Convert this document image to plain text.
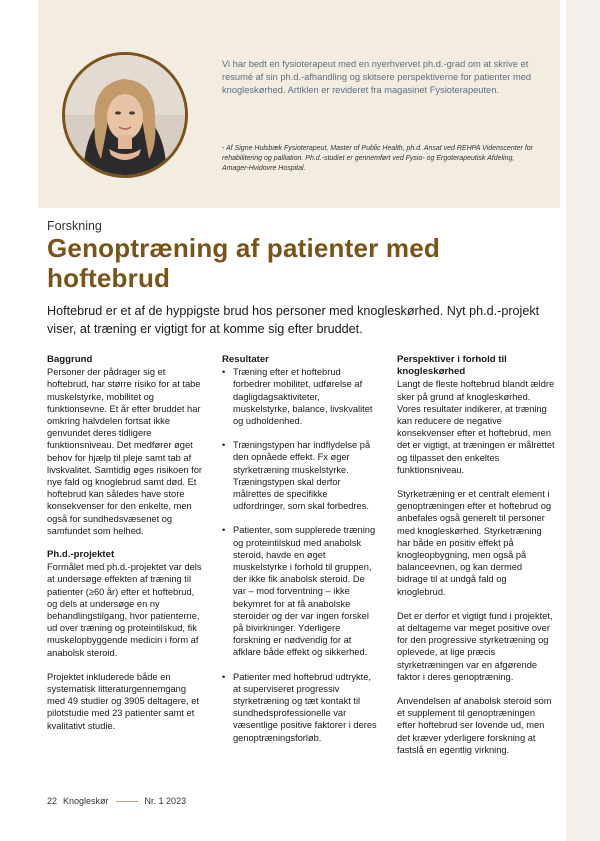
Vi har bedt en fysioterapeut med en nyerhvervet ph.d.-grad om at skrive et resumé af sin ph.d.-afhandling og skitsere perspektiverne for patienter med knogleskørhed. Artiklen er revideret fra magasinet Fysioterapeuten.
- Af Signe Hulsbæk Fysioterapeut, Master of Public Health, ph.d. Ansat ved REHPA Videnscenter for rehabilitering og palliation. Ph.d.-studiet er gennemført ved Fysio- og Ergoterapeutisk Afdeling, Amager-Hvidovre Hospital.
Forskning
Genoptræning af patienter med hoftebrud

Hoftebrud er et af de hyppigste brud hos personer med knogleskørhed. Nyt ph.d.-projekt viser, at træning er vigtigt for at komme sig efter bruddet.

Baggrund

Personer der pådrager sig et hoftebrud, har større risiko for at tabe muskelstyrke, mobilitet og funktionsevne. Et år efter bruddet har omkring halvdelen fortsat ikke genvundet deres tidligere funktionsniveau. Det medfører øget behov for hjælp til pleje samt tab af livskvalitet. Samtidig øges risikoen for nye fald og knoglebrud samt død. Et hoftebrud kan således have store konsekvenser for den enkelte, men også for sundhedsvæsenet og samfundet som helhed.

Ph.d.-projektet

Formålet med ph.d.-projektet var dels at undersøge effekten af træning til patienter (≥60 år) efter et hoftebrud, og dels at undersøge en ny behandlingstilgang, hvor patienterne, ud over træning og proteintilskud, fik muskelopbyggende medicin i form af anabolsk steroid.

Projektet inkluderede både en systematisk litteraturgennemgang med 49 studier og 3905 deltagere, et pilotstudie med 23 patienter samt et kvalitativt studie.

Resultater
• Træning efter et hoftebrud forbedrer mobilitet, udførelse af dagligdagsaktiviteter, muskelstyrke, balance, livskvalitet og udholdenhed.
• Træningstypen har indflydelse på den opnåede effekt. Fx øger styrketræning muskelstyrke. Træningstypen skal derfor målrettes de specifikke udfordringer, som skal forbedres.
• Patienter, som supplerede træning og proteintilskud med anabolsk steroid, havde en øget muskelstyrke i forhold til gruppen, der ikke fik anabolsk steroid. De var – mod forventning – ikke bekymret for at få anabolske steroider og der var ingen forskel på bivirkninger. Yderligere forskning er nødvendig for at afklare både effekt og sikkerhed.
• Patienter med hoftebrud udtrykte, at superviseret progressiv styrketræning og tæt kontakt til sundhedsprofessionelle var væsentlige positive faktorer i deres genoptræningsforløb.
Perspektiver i forhold til knogleskørhed

Langt de fleste hoftebrud blandt ældre sker på grund af knogleskørhed. Vores resultater indikerer, at træning kan reducere de negative konsekvenser efter et hoftebrud, men det er vigtigt, at træningen er målrettet og tilpasset den enkeltes funktionsniveau.

Styrketræning er et centralt element i genoptræningen efter et hoftebrud og anbefales også generelt til personer med knogleskørhed. Styrketræning har både en positiv effekt på knogleopbygning, men også på balanceevnen, og kan dermed bidrage til at undgå fald og knoglebrud.

Det er derfor et vigtigt fund i projektet, at deltagerne var meget positive over for den progressive styrketræning og oplevede, at lige præcis styrketræningen var en afgørende faktor i deres genoptræning.

Anvendelsen af anabolsk steroid som et supplement til genoptræningen efter hoftebrud ser lovende ud, men det kræver yderligere forskning at fastslå en egentlig virkning.

22 Knogleskør	Nr. 1 2023
